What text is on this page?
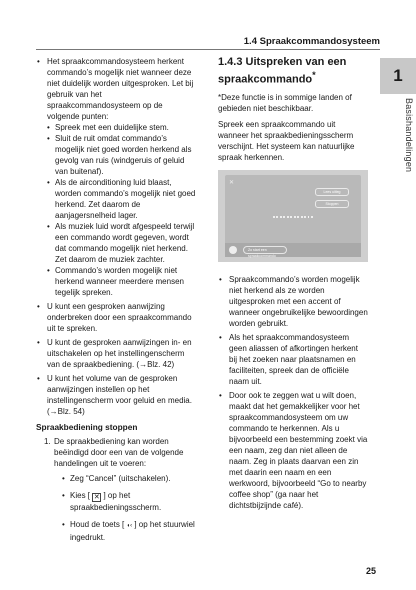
1.4 Spraakcommandosysteem
1
Basishandelingen
• Het spraakcommandosysteem herkent commando’s mogelijk niet wanneer deze niet duidelijk worden uitgesproken. Let bij gebruik van het spraakcommandosysteem op de volgende punten:
• Spreek met een duidelijke stem.
• Sluit de ruit omdat commando’s mogelijk niet goed worden herkend als gevolg van ruis (windgeruis of geluid van buitenaf).
• Als de airconditioning luid blaast, worden commando’s mogelijk niet goed herkend. Zet daarom de aanjagersnelheid lager.
• Als muziek luid wordt afgespeeld terwijl een commando wordt gegeven, wordt dat commando mogelijk niet herkend. Zet daarom de muziek zachter.
• Commando’s worden mogelijk niet herkend wanneer meerdere mensen tegelijk spreken.
• U kunt een gesproken aanwijzing onderbreken door een spraakcommando uit te spreken.
• U kunt de gesproken aanwijzingen in- en uitschakelen op het instellingenscherm van de spraakbediening. (→Blz. 42)
• U kunt het volume van de gesproken aanwijzingen instellen op het instellingenscherm voor geluid en media. (→Blz. 54)
Spraakbediening stoppen
1. De spraakbediening kan worden beëindigd door een van de volgende handelingen uit te voeren:
• Zeg “Cancel” (uitschakelen).
• Kies [ ✕ ] op het spraakbedieningsscherm.
• Houd de toets [ ◖‹ ] op het stuurwiel ingedrukt.
1.4.3 Uitspreken van een spraakcommando*
*Deze functie is in sommige landen of gebieden niet beschikbaar.
Spreek een spraakcommando uit wanneer het spraakbedieningsscherm verschijnt. Het systeem kan natuurlijke spraak herkennen.
✕
Lees uitleg
Stoppen
Zo start een spraakcommando
• Spraakcommando’s worden mogelijk niet herkend als ze worden uitgesproken met een accent of wanneer ongebruikelijke bewoordingen worden gebruikt.
• Als het spraakcommandosysteem geen aliassen of afkortingen herkent bij het zoeken naar plaatsnamen en faciliteiten, spreek dan de officiële naam uit.
• Door ook te zeggen wat u wilt doen, maakt dat het gemakkelijker voor het spraakcommandosysteem om uw commando te herkennen. Als u bijvoorbeeld een bestemming zoekt via een naam, zeg dan niet alleen de naam. Zeg in plaats daarvan een zin met daarin een naam en een werkwoord, bijvoorbeeld “Go to nearby coffee shop” (ga naar het dichtstbijzijnde café).
25
